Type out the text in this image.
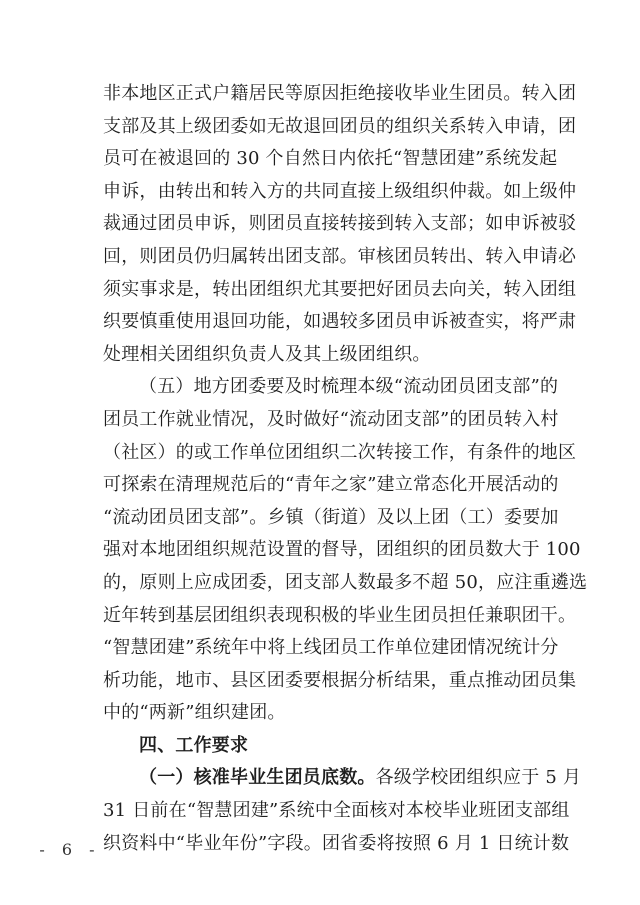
非本地区正式户籍居民等原因拒绝接收毕业生团员。转入团
支部及其上级团委如无故退回团员的组织关系转入申请，团
员可在被退回的 30 个自然日内依托“智慧团建”系统发起
申诉，由转出和转入方的共同直接上级组织仲裁。如上级仲
裁通过团员申诉，则团员直接转接到转入支部；如申诉被驳
回，则团员仍归属转出团支部。审核团员转出、转入申请必
须实事求是，转出团组织尤其要把好团员去向关，转入团组
织要慎重使用退回功能，如遇较多团员申诉被查实，将严肃
处理相关团组织负责人及其上级团组织。
（五）地方团委要及时梳理本级“流动团员团支部”的
团员工作就业情况，及时做好“流动团支部”的团员转入村
（社区）的或工作单位团组织二次转接工作，有条件的地区
可探索在清理规范后的“青年之家”建立常态化开展活动的
“流动团员团支部”。乡镇（街道）及以上团（工）委要加
强对本地团组织规范设置的督导，团组织的团员数大于 100
的，原则上应成团委，团支部人数最多不超 50，应注重遴选
近年转到基层团组织表现积极的毕业生团员担任兼职团干。
“智慧团建”系统年中将上线团员工作单位建团情况统计分
析功能，地市、县区团委要根据分析结果，重点推动团员集
中的“两新”组织建团。
四、工作要求
（一）核准毕业生团员底数。各级学校团组织应于 5 月
31 日前在“智慧团建”系统中全面核对本校毕业班团支部组
织资料中“毕业年份”字段。团省委将按照 6 月 1 日统计数
- 6 -
